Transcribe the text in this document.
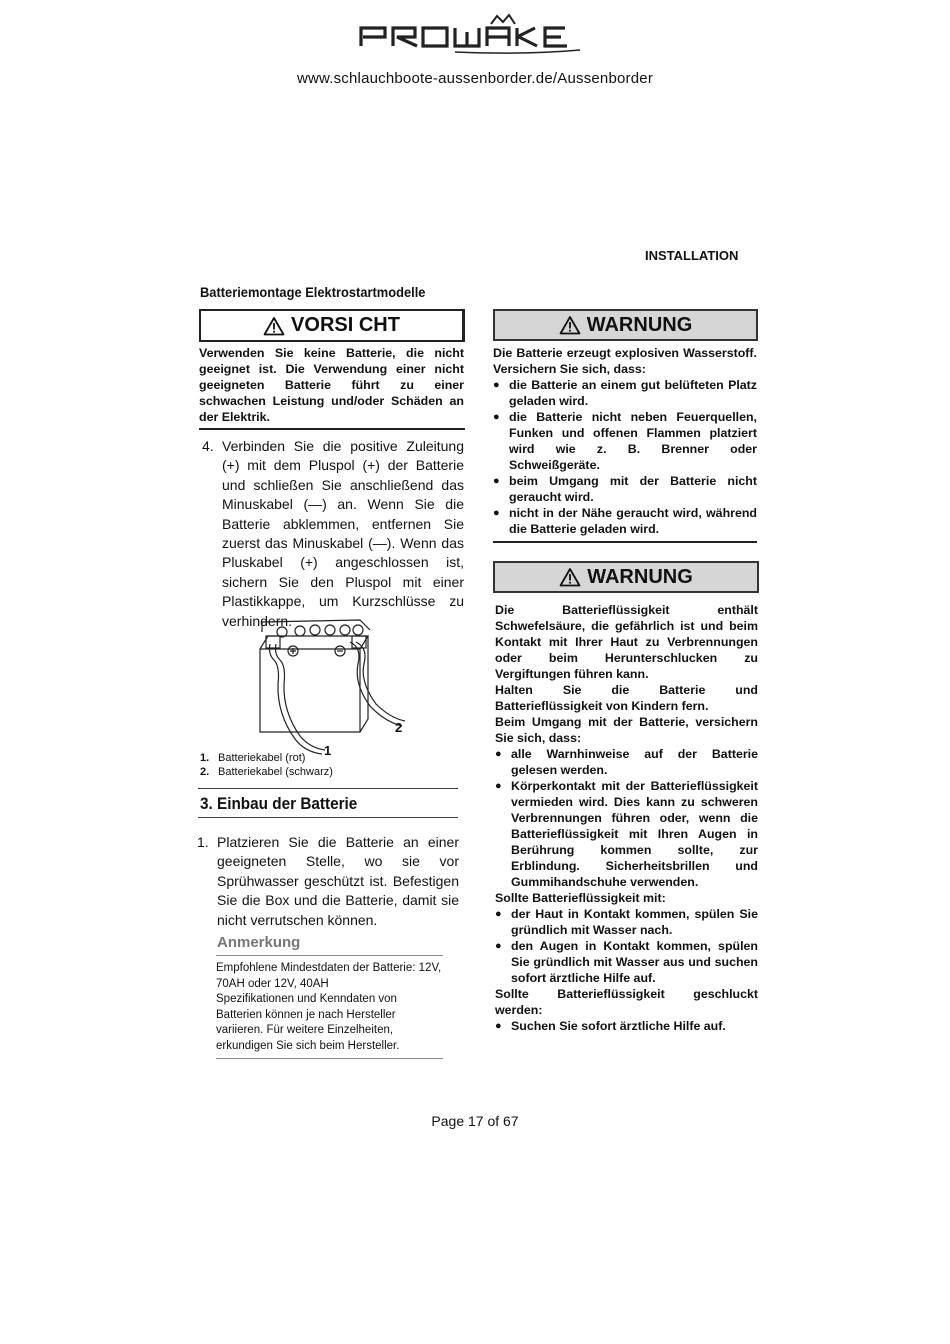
www.schlauchboote-aussenborder.de/Aussenborder
INSTALLATION
Batteriemontage Elektrostartmodelle
VORSI CHT
Verwenden Sie keine Batterie, die nicht geeignet ist. Die Verwendung einer nicht geeigneten Batterie führt zu einer schwachen Leistung und/oder Schäden an der Elektrik.
4. Verbinden Sie die positive Zuleitung (+) mit dem Pluspol (+) der Batterie und schließen Sie anschließend das Minuskabel (—) an. Wenn Sie die Batterie abklemmen, entfernen Sie zuerst das Minuskabel (—). Wenn das Pluskabel (+) angeschlossen ist, sichern Sie den Pluspol mit einer Plastikkappe, um Kurzschlüsse zu verhindern.
1
2
1. Batteriekabel (rot)
2. Batteriekabel (schwarz)
3. Einbau der Batterie
1. Platzieren Sie die Batterie an einer geeigneten Stelle, wo sie vor Sprühwasser geschützt ist. Befestigen Sie die Box und die Batterie, damit sie nicht verrutschen können.
Anmerkung
Empfohlene Mindestdaten der Batterie: 12V, 70AH oder 12V, 40AH
Spezifikationen und Kenndaten von Batterien können je nach Hersteller variieren. Für weitere Einzelheiten, erkundigen Sie sich beim Hersteller.
WARNUNG
Die Batterie erzeugt explosiven Wasserstoff. Versichern Sie sich, dass:
● die Batterie an einem gut belüfteten Platz geladen wird.
● die Batterie nicht neben Feuerquellen, Funken und offenen Flammen platziert wird wie z. B. Brenner oder Schweißgeräte.
● beim Umgang mit der Batterie nicht geraucht wird.
● nicht in der Nähe geraucht wird, während die Batterie geladen wird.
WARNUNG
Die Batterieflüssigkeit enthält Schwefelsäure, die gefährlich ist und beim Kontakt mit Ihrer Haut zu Verbrennungen oder beim Herunterschlucken zu Vergiftungen führen kann.
Halten Sie die Batterie und Batterieflüssigkeit von Kindern fern.
Beim Umgang mit der Batterie, versichern Sie sich, dass:
● alle Warnhinweise auf der Batterie gelesen werden.
● Körperkontakt mit der Batterieflüssigkeit vermieden wird. Dies kann zu schweren Verbrennungen führen oder, wenn die Batterieflüssigkeit mit Ihren Augen in Berührung kommen sollte, zur Erblindung. Sicherheitsbrillen und Gummihandschuhe verwenden.
Sollte Batterieflüssigkeit mit:
● der Haut in Kontakt kommen, spülen Sie gründlich mit Wasser nach.
● den Augen in Kontakt kommen, spülen Sie gründlich mit Wasser aus und suchen sofort ärztliche Hilfe auf.
Sollte Batterieflüssigkeit geschluckt werden:
● Suchen Sie sofort ärztliche Hilfe auf.
Page 17 of 67
